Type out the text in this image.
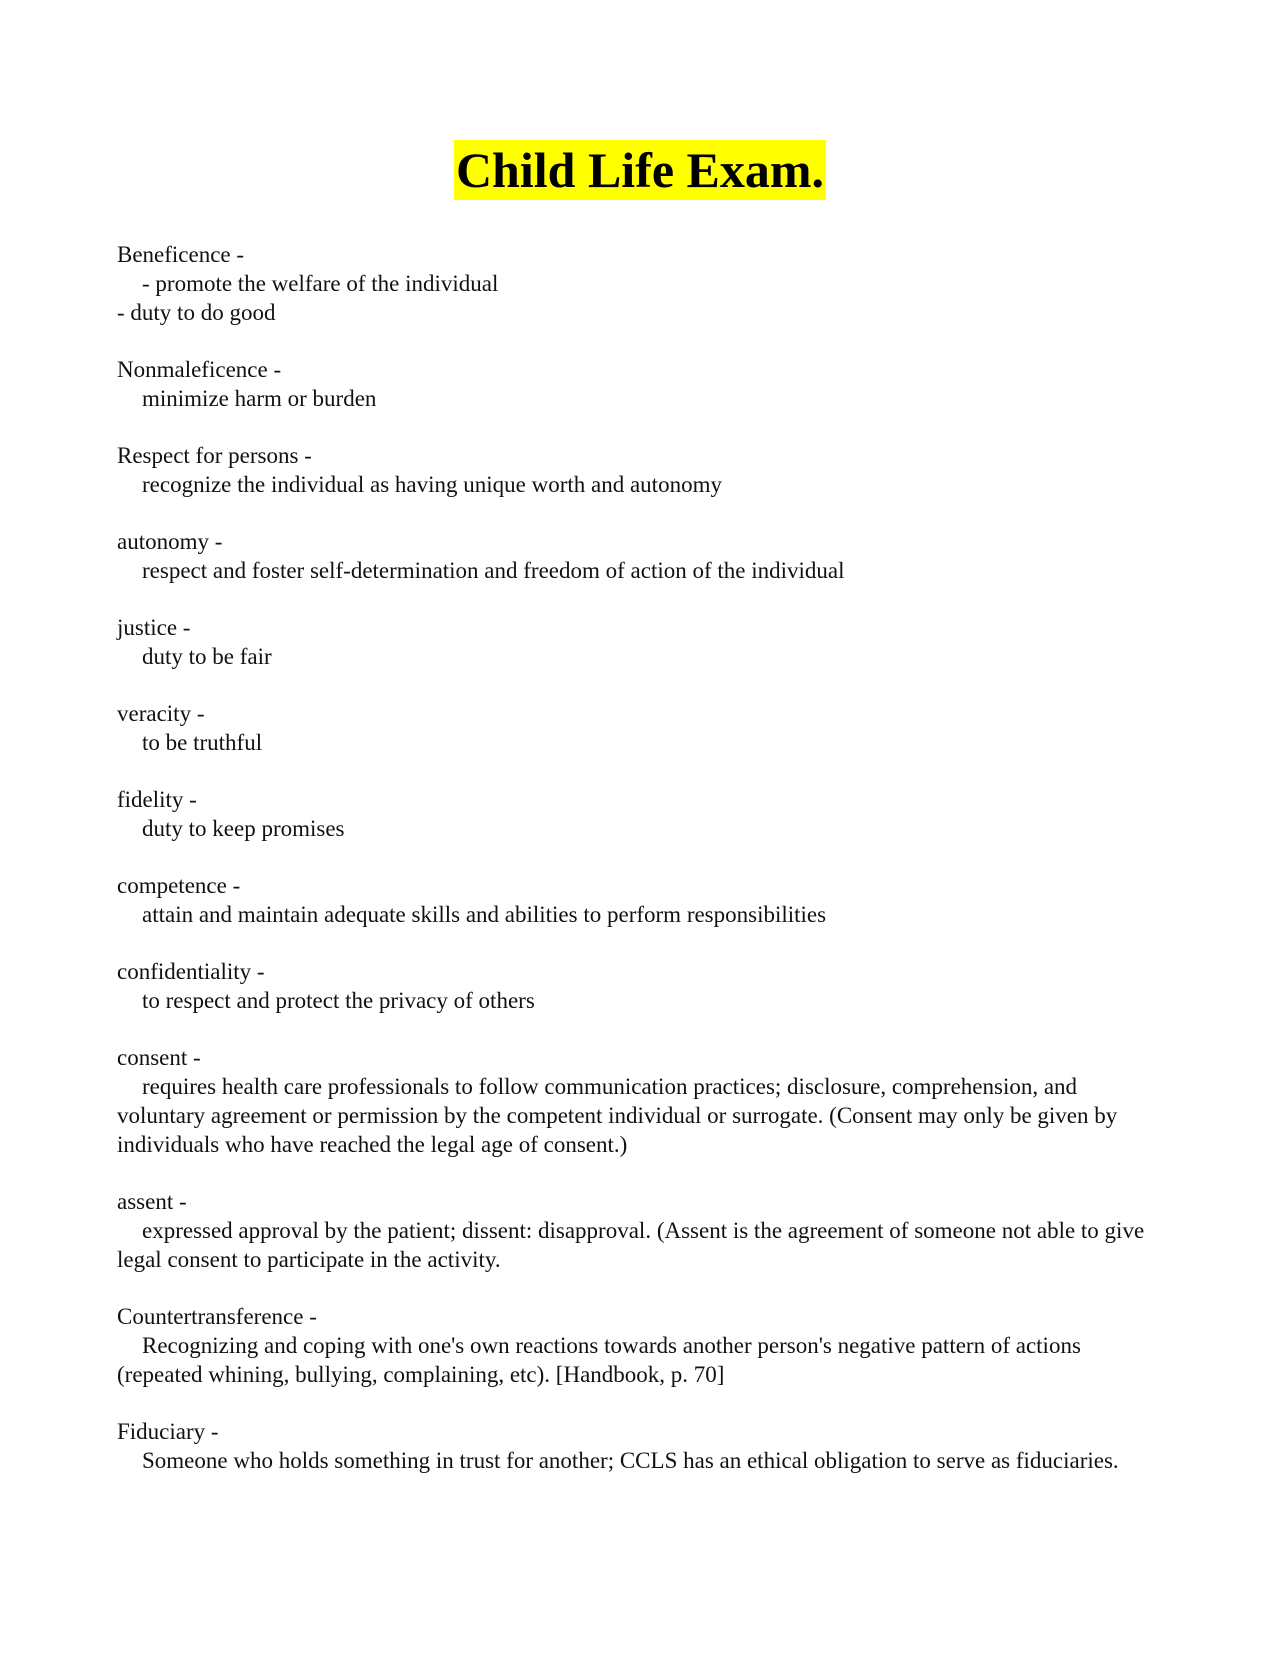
Child Life Exam.
Beneficence -
- promote the welfare of the individual
- duty to do good
Nonmaleficence -
minimize harm or burden
Respect for persons -
recognize the individual as having unique worth and autonomy
autonomy -
respect and foster self-determination and freedom of action of the individual
justice -
duty to be fair
veracity -
to be truthful
fidelity -
duty to keep promises
competence -
attain and maintain adequate skills and abilities to perform responsibilities
confidentiality -
to respect and protect the privacy of others
consent -
requires health care professionals to follow communication practices; disclosure, comprehension, and voluntary agreement or permission by the competent individual or surrogate. (Consent may only be given by individuals who have reached the legal age of consent.)
assent -
expressed approval by the patient; dissent: disapproval. (Assent is the agreement of someone not able to give legal consent to participate in the activity.
Countertransference -
Recognizing and coping with one's own reactions towards another person's negative pattern of actions (repeated whining, bullying, complaining, etc). [Handbook, p. 70]
Fiduciary -
Someone who holds something in trust for another; CCLS has an ethical obligation to serve as fiduciaries.
